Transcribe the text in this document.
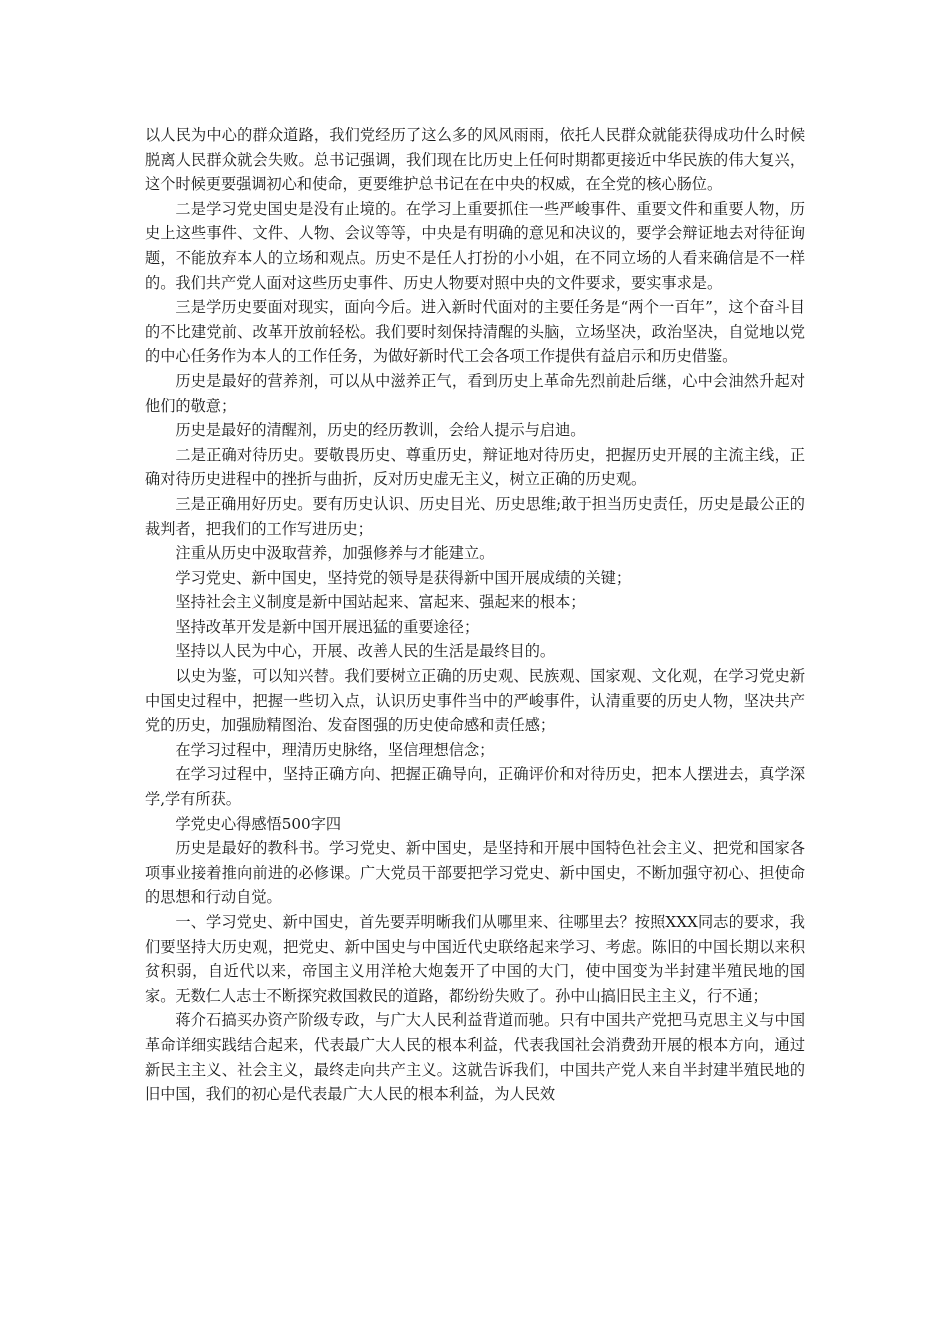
以人民为中心的群众道路，我们党经历了这么多的风风雨雨，依托人民群众就能获得成功什么时候脱离人民群众就会失败。总书记强调，我们现在比历史上任何时期都更接近中华民族的伟大复兴，这个时候更要强调初心和使命，更要维护总书记在在中央的权威，在全党的核心肠位。

二是学习党史国史是没有止境的。在学习上重要抓住一些严峻事件、重要文件和重要人物，历史上这些事件、文件、人物、会议等等，中央是有明确的意见和决议的，要学会辩证地去对待征询题，不能放弃本人的立场和观点。历史不是任人打扮的小小姐，在不同立场的人看来确信是不一样的。我们共产党人面对这些历史事件、历史人物要对照中央的文件要求，要实事求是。

三是学历史要面对现实，面向今后。进入新时代面对的主要任务是“两个一百年”，这个奋斗目的不比建党前、改革开放前轻松。我们要时刻保持清醒的头脑，立场坚决，政治坚决，自觉地以党的中心任务作为本人的工作任务，为做好新时代工会各项工作提供有益启示和历史借鉴。

历史是最好的营养剂，可以从中滋养正气，看到历史上革命先烈前赴后继，心中会油然升起对他们的敬意；

历史是最好的清醒剂，历史的经历教训，会给人提示与启迪。

二是正确对待历史。要敬畏历史、尊重历史，辩证地对待历史，把握历史开展的主流主线，正确对待历史进程中的挫折与曲折，反对历史虚无主义，树立正确的历史观。

三是正确用好历史。要有历史认识、历史目光、历史思维;敢于担当历史责任，历史是最公正的裁判者，把我们的工作写进历史；

注重从历史中汲取营养，加强修养与才能建立。

学习党史、新中国史，坚持党的领导是获得新中国开展成绩的关键；

坚持社会主义制度是新中国站起来、富起来、强起来的根本；

坚持改革开发是新中国开展迅猛的重要途径；

坚持以人民为中心，开展、改善人民的生活是最终目的。

以史为鉴，可以知兴替。我们要树立正确的历史观、民族观、国家观、文化观，在学习党史新中国史过程中，把握一些切入点，认识历史事件当中的严峻事件，认清重要的历史人物，坚决共产党的历史，加强励精图治、发奋图强的历史使命感和责任感；

在学习过程中，理清历史脉络，坚信理想信念；

在学习过程中，坚持正确方向、把握正确导向，正确评价和对待历史，把本人摆进去，真学深学,学有所获。

学党史心得感悟500字四

历史是最好的教科书。学习党史、新中国史，是坚持和开展中国特色社会主义、把党和国家各项事业接着推向前进的必修课。广大党员干部要把学习党史、新中国史，不断加强守初心、担使命的思想和行动自觉。

一、学习党史、新中国史，首先要弄明晰我们从哪里来、往哪里去？按照XXX同志的要求，我们要坚持大历史观，把党史、新中国史与中国近代史联络起来学习、考虑。陈旧的中国长期以来积贫积弱，自近代以来，帝国主义用洋枪大炮轰开了中国的大门，使中国变为半封建半殖民地的国家。无数仁人志士不断探究救国救民的道路，都纷纷失败了。孙中山搞旧民主主义，行不通；

蒋介石搞买办资产阶级专政，与广大人民利益背道而驰。只有中国共产党把马克思主义与中国革命详细实践结合起来，代表最广大人民的根本利益，代表我国社会消费劲开展的根本方向，通过新民主主义、社会主义，最终走向共产主义。这就告诉我们，中国共产党人来自半封建半殖民地的旧中国，我们的初心是代表最广大人民的根本利益，为人民效
